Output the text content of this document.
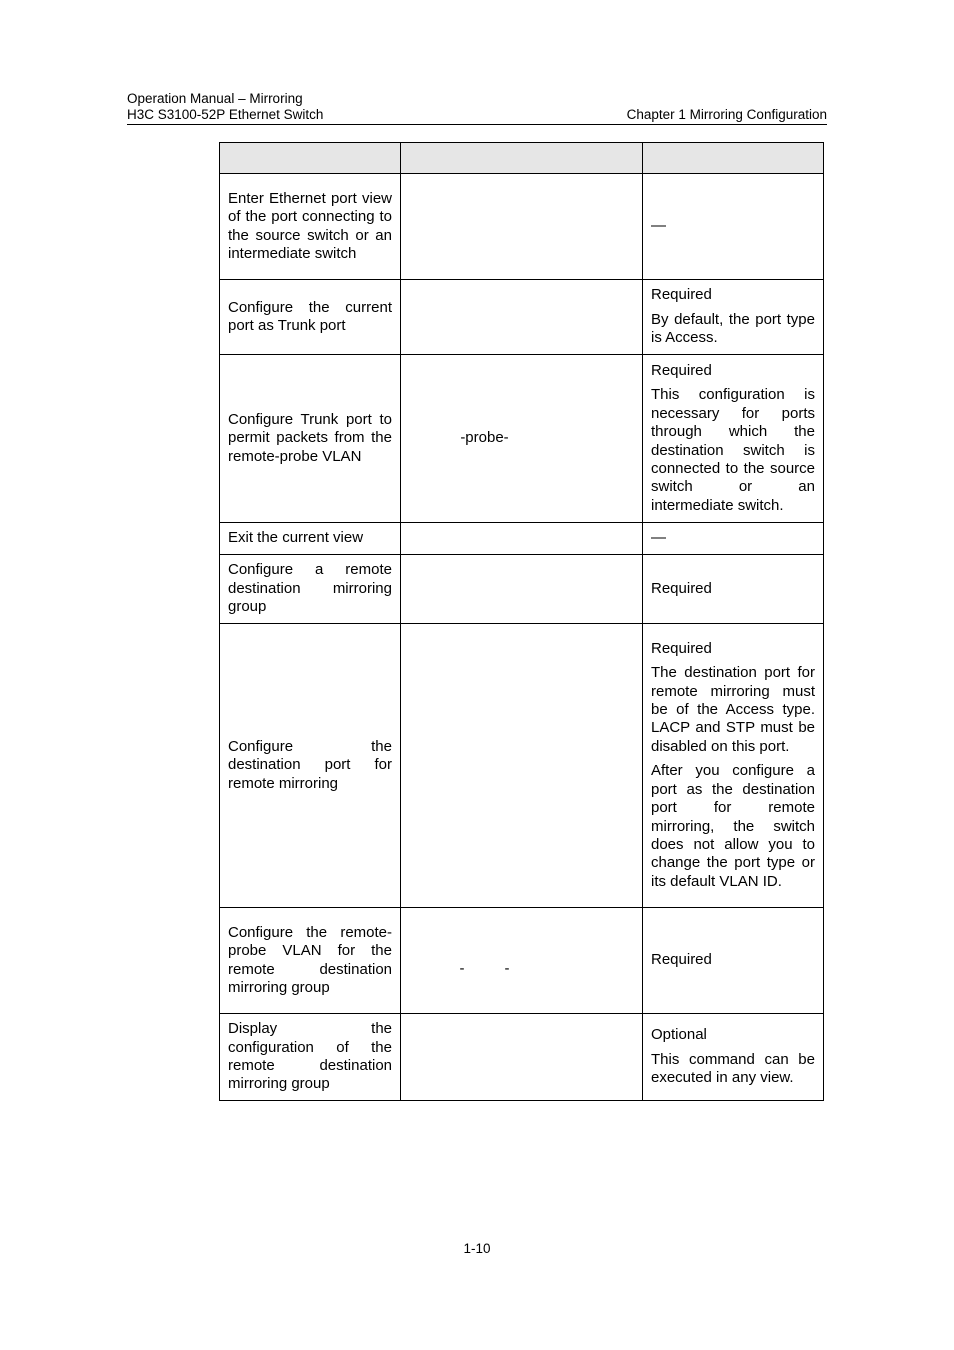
Operation Manual – Mirroring
H3C S3100-52P Ethernet Switch	Chapter 1 Mirroring Configuration

Enter Ethernet port view of the port connecting to the source switch or an intermediate switch		—

Configure the current port as Trunk port		Required

By default, the port type is Access.

Configure Trunk port to permit packets from the remote-probe VLAN	-probe-	Required

This configuration is necessary for ports through which the destination switch is connected to the source switch or an intermediate switch.

Exit the current view		—

Configure a remote destination mirroring group		Required

Configure the destination port for remote mirroring		Required

The destination port for remote mirroring must be of the Access type. LACP and STP must be disabled on this port.

After you configure a port as the destination port for remote mirroring, the switch does not allow you to change the port type or its default VLAN ID.

Configure the remote-probe VLAN for the remote destination mirroring group	- -	Required

Display the configuration of the remote destination mirroring group		Optional

This command can be executed in any view.

1-10
